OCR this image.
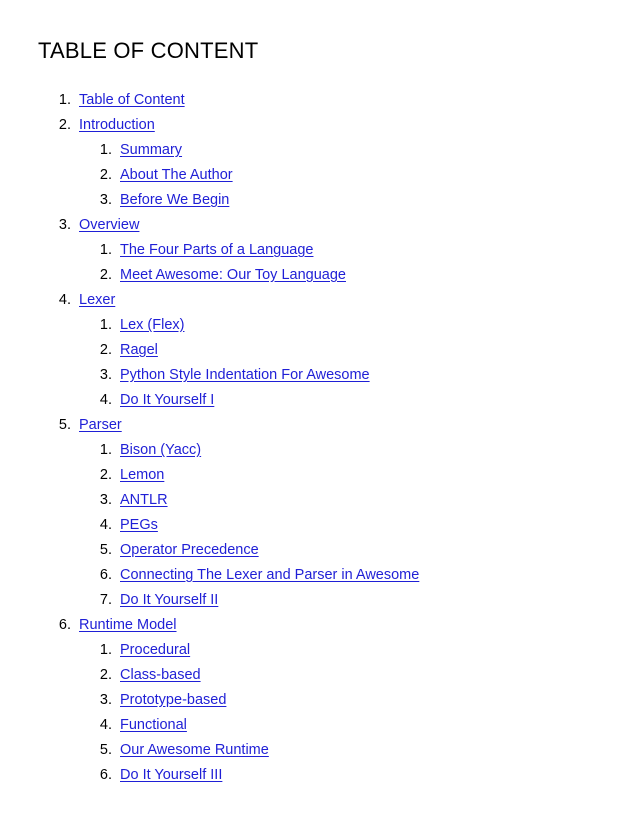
TABLE OF CONTENT
1. Table of Content
2. Introduction
1. Summary
2. About The Author
3. Before We Begin
3. Overview
1. The Four Parts of a Language
2. Meet Awesome: Our Toy Language
4. Lexer
1. Lex (Flex)
2. Ragel
3. Python Style Indentation For Awesome
4. Do It Yourself I
5. Parser
1. Bison (Yacc)
2. Lemon
3. ANTLR
4. PEGs
5. Operator Precedence
6. Connecting The Lexer and Parser in Awesome
7. Do It Yourself II
6. Runtime Model
1. Procedural
2. Class-based
3. Prototype-based
4. Functional
5. Our Awesome Runtime
6. Do It Yourself III
